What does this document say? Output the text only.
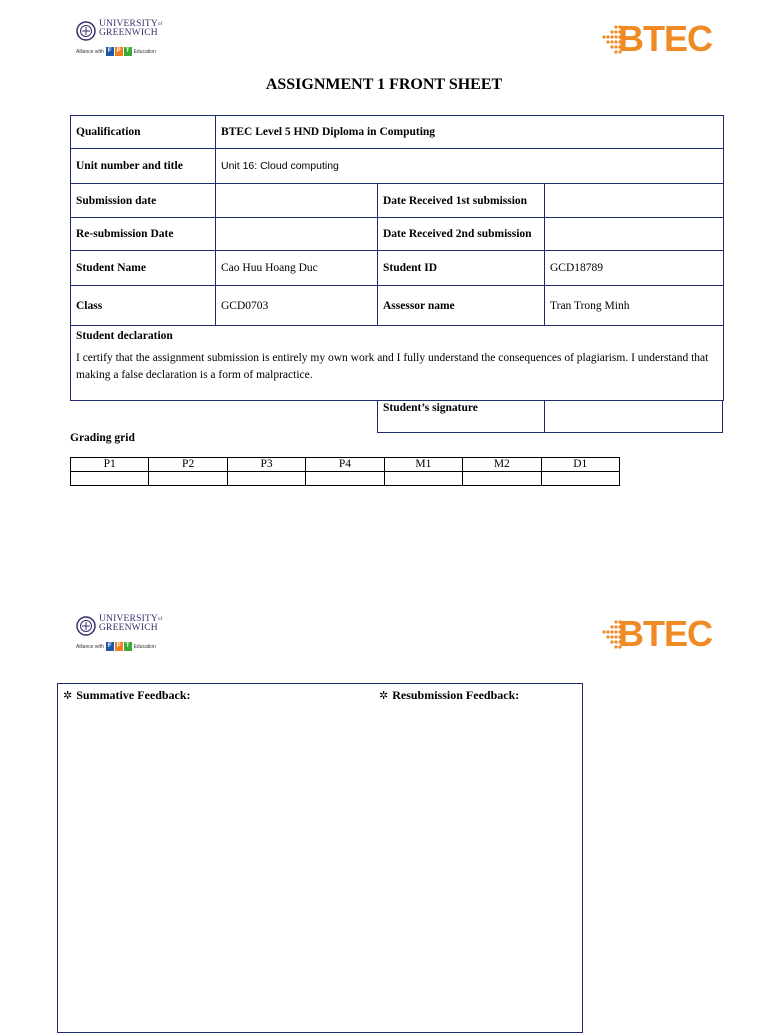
$UNIVERSITY^{of}$
GREENWICH
Alliance with F P T Education	BTEC
ASSIGNMENT 1 FRONT SHEET
Qualification	BTEC Level 5 HND Diploma in Computing		
Unit number and title	Unit 16: Cloud computing		
Submission date		Date Received 1st submission	
Re-submission Date		Date Received 2nd submission	
Student Name	Cao Huu Hoang Duc	Student ID	GCD18789
Class	GCD0703	Assessor name	Tran Trong Minh

Student declaration
I certify that the assignment submission is entirely my own work and I fully understand the consequences of plagiarism. I understand that making a false declaration is a form of malpractice.			
Student’s signature
Grading grid
P1	P2	P3	P4	M1	M2	D1

$UNIVERSITY^{of}$
GREENWICH
Alliance with F P T Education	BTEC
✲ Summative Feedback:	✲ Resubmission Feedback:
